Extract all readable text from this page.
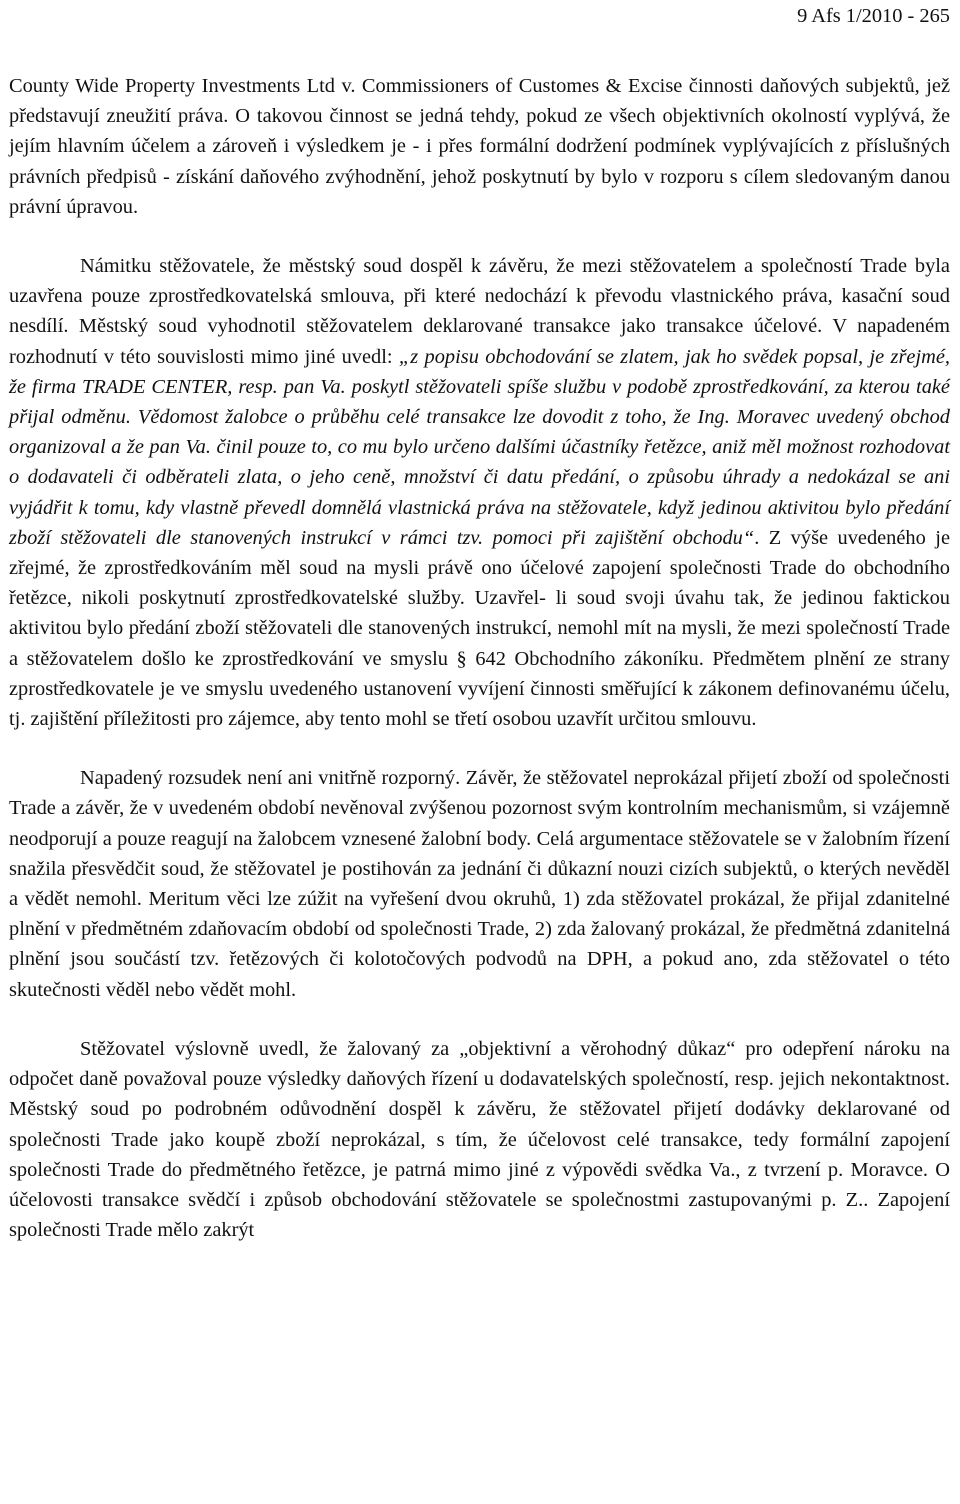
9 Afs 1/2010 - 265

County Wide Property Investments Ltd v. Commissioners of Customes & Excise činnosti daňových subjektů, jež představují zneužití práva. O takovou činnost se jedná tehdy, pokud ze všech objektivních okolností vyplývá, že jejím hlavním účelem a zároveň i výsledkem je - i přes formální dodržení podmínek vyplývajících z příslušných právních předpisů - získání daňového zvýhodnění, jehož poskytnutí by bylo v rozporu s cílem sledovaným danou právní úpravou.

Námitku stěžovatele, že městský soud dospěl k závěru, že mezi stěžovatelem a společností Trade byla uzavřena pouze zprostředkovatelská smlouva, při které nedochází k převodu vlastnického práva, kasační soud nesdílí. Městský soud vyhodnotil stěžovatelem deklarované transakce jako transakce účelové. V napadeném rozhodnutí v této souvislosti mimo jiné uvedl: „z popisu obchodování se zlatem, jak ho svědek popsal, je zřejmé, že firma TRADE CENTER, resp. pan Va. poskytl stěžovateli spíše službu v podobě zprostředkování, za kterou také přijal odměnu. Vědomost žalobce o průběhu celé transakce lze dovodit z toho, že Ing. Moravec uvedený obchod organizoval a že pan Va. činil pouze to, co mu bylo určeno dalšími účastníky řetězce, aniž měl možnost rozhodovat o dodavateli či odběrateli zlata, o jeho ceně, množství či datu předání, o způsobu úhrady a nedokázal se ani vyjádřit k tomu, kdy vlastně převedl domnělá vlastnická práva na stěžovatele, když jedinou aktivitou bylo předání zboží stěžovateli dle stanovených instrukcí v rámci tzv. pomoci při zajištění obchodu“. Z výše uvedeného je zřejmé, že zprostředkováním měl soud na mysli právě ono účelové zapojení společnosti Trade do obchodního řetězce, nikoli poskytnutí zprostředkovatelské služby. Uzavřel- li soud svoji úvahu tak, že jedinou faktickou aktivitou bylo předání zboží stěžovateli dle stanovených instrukcí, nemohl mít na mysli, že mezi společností Trade a stěžovatelem došlo ke zprostředkování ve smyslu § 642 Obchodního zákoníku. Předmětem plnění ze strany zprostředkovatele je ve smyslu uvedeného ustanovení vyvíjení činnosti směřující k zákonem definovanému účelu, tj. zajištění příležitosti pro zájemce, aby tento mohl se třetí osobou uzavřít určitou smlouvu.

Napadený rozsudek není ani vnitřně rozporný. Závěr, že stěžovatel neprokázal přijetí zboží od společnosti Trade a závěr, že v uvedeném období nevěnoval zvýšenou pozornost svým kontrolním mechanismům, si vzájemně neodporují a pouze reagují na žalobcem vznesené žalobní body. Celá argumentace stěžovatele se v žalobním řízení snažila přesvědčit soud, že stěžovatel je postihován za jednání či důkazní nouzi cizích subjektů, o kterých nevěděl a vědět nemohl. Meritum věci lze zúžit na vyřešení dvou okruhů, 1) zda stěžovatel prokázal, že přijal zdanitelné plnění v předmětném zdaňovacím období od společnosti Trade, 2) zda žalovaný prokázal, že předmětná zdanitelná plnění jsou součástí tzv. řetězových či kolotočových podvodů na DPH, a pokud ano, zda stěžovatel o této skutečnosti věděl nebo vědět mohl.

Stěžovatel výslovně uvedl, že žalovaný za „objektivní a věrohodný důkaz“ pro odepření nároku na odpočet daně považoval pouze výsledky daňových řízení u dodavatelských společností, resp. jejich nekontaktnost. Městský soud po podrobném odůvodnění dospěl k závěru, že stěžovatel přijetí dodávky deklarované od společnosti Trade jako koupě zboží neprokázal, s tím, že účelovost celé transakce, tedy formální zapojení společnosti Trade do předmětného řetězce, je patrná mimo jiné z výpovědi svědka Va., z tvrzení p. Moravce. O účelovosti transakce svědčí i způsob obchodování stěžovatele se společnostmi zastupovanými p. Z.. Zapojení společnosti Trade mělo zakrýt
